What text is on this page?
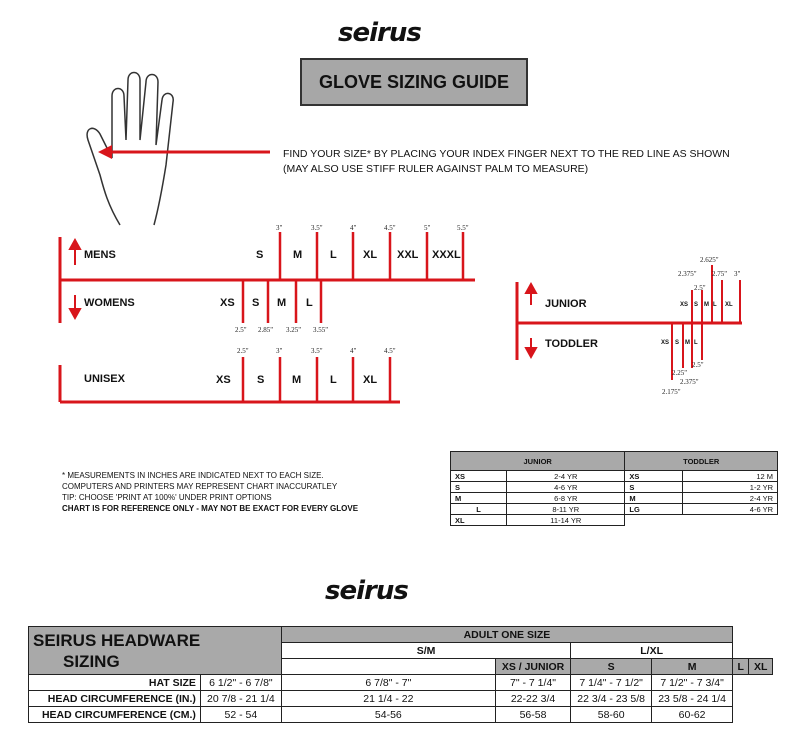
seirus
GLOVE SIZING GUIDE
FIND YOUR SIZE* BY PLACING YOUR INDEX FINGER NEXT TO THE RED LINE AS SHOWN
(MAY ALSO USE STIFF RULER AGAINST PALM TO MEASURE)
MENS	S	M	L XL XXL XXXL
3"	3.5"	4"	4.5"	5"	5.5"
WOMENS	XS S M L
2.5" 2.85" 3.25" 3.55"
UNISEX	XS S	M	L XL
2.5"	3"	3.5"	4"	4.5"
JUNIOR
TODDLER
XS S M L XL
2.375"
2.5"
2.625"
2.75" 3"
XS S M L
2.175"
2.25"
2.375"
2.5"
* MEASUREMENTS IN INCHES ARE INDICATED NEXT TO EACH SIZE.
COMPUTERS AND PRINTERS MAY REPRESENT CHART INACCURATLEY
TIP: CHOOSE 'PRINT AT 100%' UNDER PRINT OPTIONS
CHART IS FOR REFERENCE ONLY - MAY NOT BE EXACT FOR EVERY GLOVE
JUNIOR		TODDLER	
XS	2-4 YR	XS	12 M
S	4-6 YR	S	1-2 YR
M	6-8 YR	M	2-4 YR
L	8-11 YR	LG	4-6 YR
XL	11-14 YR		
seirus
SEIRUS HEADWARE
SIZING		ADULT ONE SIZE					
		S/M		L/XL			
			XS / JUNIOR	S	M	L	XL
HAT SIZE	6 1/2" - 6 7/8"	6 7/8" - 7"	7" - 7 1/4"	7 1/4" - 7 1/2"	7 1/2" - 7 3/4"		
HEAD CIRCUMFERENCE (IN.)	20 7/8 - 21 1/4	21 1/4 - 22	22-22 3/4	22 3/4 - 23 5/8	23 5/8 - 24 1/4		
HEAD CIRCUMFERENCE (CM.)	52 - 54	54-56	56-58	58-60	60-62		
